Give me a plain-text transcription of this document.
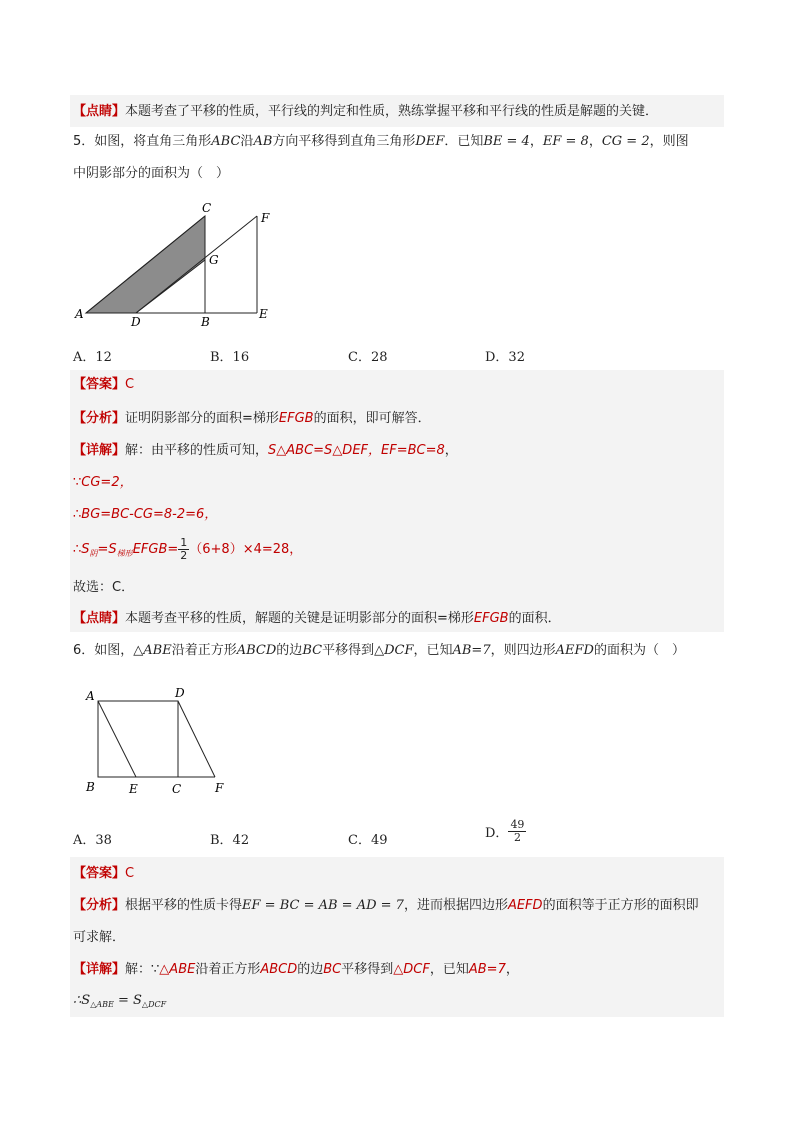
【点睛】本题考查了平移的性质，平行线的判定和性质，熟练掌握平移和平行线的性质是解题的关键．
5．如图，将直角三角形ABC沿AB方向平移得到直角三角形DEF．已知BE = 4，EF = 8，CG = 2，则图
中阴影部分的面积为（　）
C
F
G
A
D	B
E
A．12	B．16	C．28	D．32
【答案】C
【分析】证明阴影部分的面积=梯形EFGB的面积，即可解答．
【详解】解：由平移的性质可知，S△ABC=S△DEF，EF=BC=8，
∵CG=2，
∴BG=BC-CG=8-2=6，
$\therefore S_阴=S_{梯形}EFGB= \frac{1}{2} (6+8)\times 4=28$，
故选：C．
【点睛】本题考查平移的性质，解题的关键是证明影部分的面积=梯形EFGB的面积．
6．如图，△ABE沿着正方形ABCD的边BC平移得到△DCF，已知AB=7，则四边形AEFD的面积为（　）
A	D
B	E	C	F
A．38	B．42	C．49	D． $\frac{49}{2}$
【答案】C
【分析】根据平移的性质卡得EF = BC = AB = AD = 7，进而根据四边形AEFD的面积等于正方形的面积即
可求解．
【详解】解：∵△ABE沿着正方形ABCD的边BC平移得到△DCF，已知AB=7，
$\therefore S_{\triangle ABE} = S_{\triangle DCF}$
